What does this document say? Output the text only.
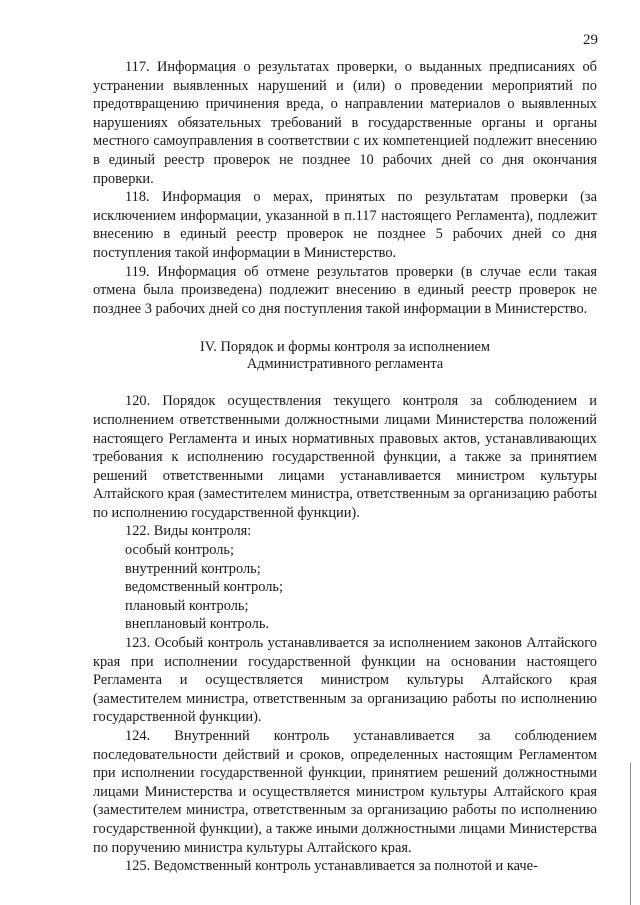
29

117. Информация о результатах проверки, о выданных предписаниях об устранении выявленных нарушений и (или) о проведении мероприятий по предотвращению причинения вреда, о направлении материалов о выявленных нарушениях обязательных требований в государственные органы и органы местного самоуправления в соответствии с их компетенцией подлежит внесению в единый реестр проверок не позднее 10 рабочих дней со дня окончания проверки.

118. Информация о мерах, принятых по результатам проверки (за исключением информации, указанной в п.117 настоящего Регламента), подлежит внесению в единый реестр проверок не позднее 5 рабочих дней со дня поступления такой информации в Министерство.

119. Информация об отмене результатов проверки (в случае если такая отмена была произведена) подлежит внесению в единый реестр проверок не позднее 3 рабочих дней со дня поступления такой информации в Министерство.

IV. Порядок и формы контроля за исполнением
Административного регламента

120. Порядок осуществления текущего контроля за соблюдением и исполнением ответственными должностными лицами Министерства положений настоящего Регламента и иных нормативных правовых актов, устанавливающих требования к исполнению государственной функции, а также за принятием решений ответственными лицами устанавливается министром культуры Алтайского края (заместителем министра, ответственным за организацию работы по исполнению государственной функции).

122. Виды контроля:

особый контроль;

внутренний контроль;

ведомственный контроль;

плановый контроль;

внеплановый контроль.

123. Особый контроль устанавливается за исполнением законов Алтайского края при исполнении государственной функции на основании настоящего Регламента и осуществляется министром культуры Алтайского края (заместителем министра, ответственным за организацию работы по исполнению государственной функции).

124. Внутренний контроль устанавливается за соблюдением последовательности действий и сроков, определенных настоящим Регламентом при исполнении государственной функции, принятием решений должностными лицами Министерства и осуществляется министром культуры Алтайского края (заместителем министра, ответственным за организацию работы по исполнению государственной функции), а также иными должностными лицами Министерства по поручению министра культуры Алтайского края.

125. Ведомственный контроль устанавливается за полнотой и каче-
